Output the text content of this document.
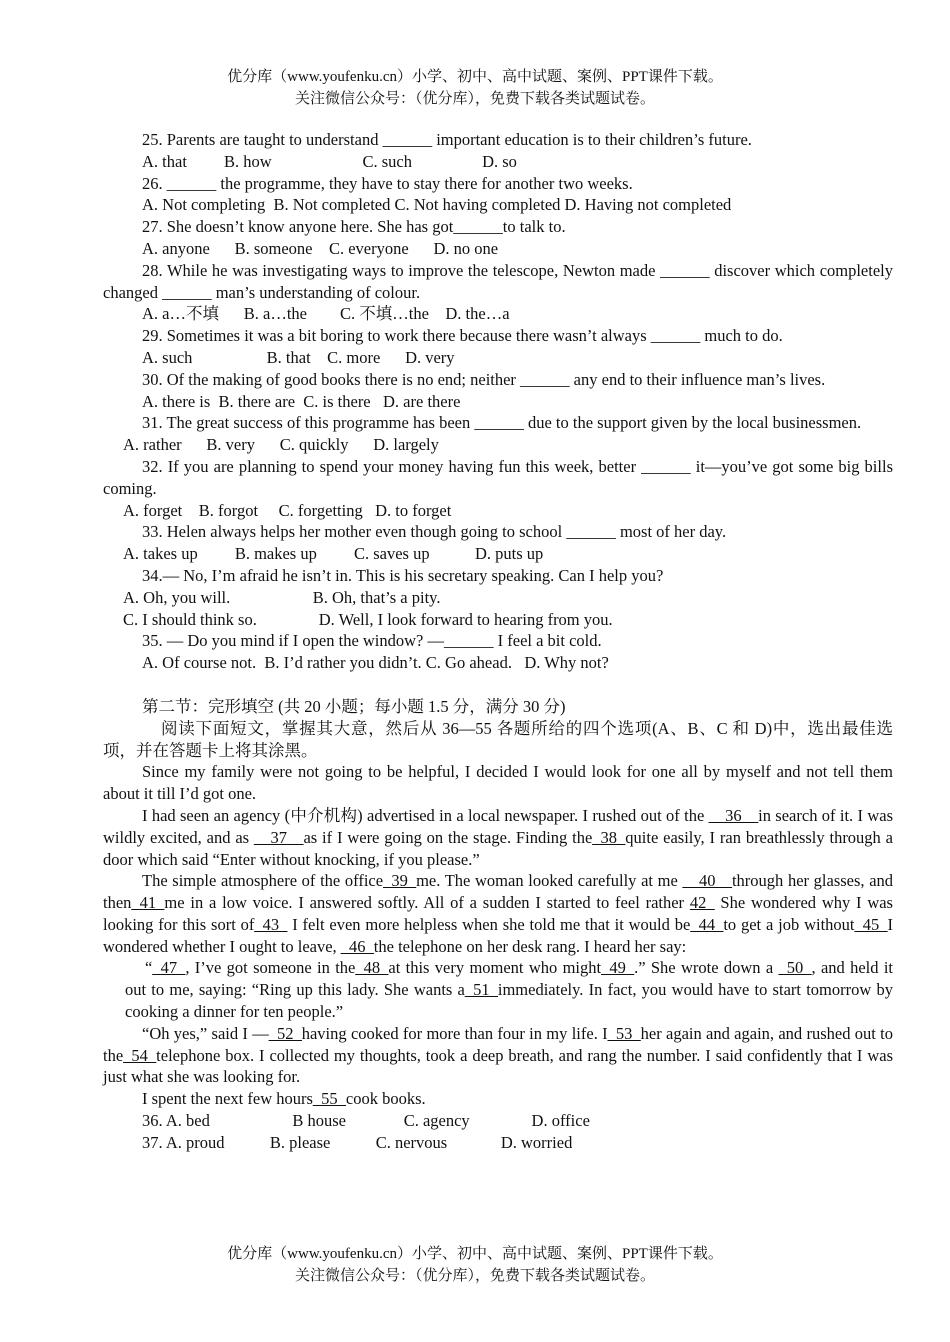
优分库（www.youfenku.cn）小学、初中、高中试题、案例、PPT课件下载。
关注微信公众号：（优分库），免费下载各类试题试卷。

25. Parents are taught to understand ______ important education is to their children’s future.

A. that         B. how                      C. such                 D. so

26. ______ the programme, they have to stay there for another two weeks.

A. Not completing  B. Not completed C. Not having completed D. Having not completed

27. She doesn’t know anyone here. She has got______to talk to.

A. anyone      B. someone    C. everyone      D. no one

28. While he was investigating ways to improve the telescope, Newton made ______ discover which completely changed ______ man’s understanding of colour.

A. a…不填      B. a…the        C. 不填…the    D. the…a

29. Sometimes it was a bit boring to work there because there wasn’t always ______ much to do.

A. such                  B. that    C. more      D. very

30. Of the making of good books there is no end; neither ______ any end to their influence man’s lives.

A. there is  B. there are  C. is there   D. are there

31. The great success of this programme has been ______ due to the support given by the local businessmen.

A. rather      B. very      C. quickly      D. largely

32. If you are planning to spend your money having fun this week, better ______ it—you’ve got some big bills coming.

A. forget    B. forgot     C. forgetting   D. to forget

33. Helen always helps her mother even though going to school ______ most of her day.

A. takes up         B. makes up         C. saves up           D. puts up

34.— No, I’m afraid he isn’t in. This is his secretary speaking. Can I help you?

A. Oh, you will.                    B. Oh, that’s a pity.

C. I should think so.               D. Well, I look forward to hearing from you.

35. — Do you mind if I open the window? —______ I feel a bit cold.

A. Of course not.  B. I’d rather you didn’t. C. Go ahead.   D. Why not?

第二节：完形填空 (共 20 小题；每小题 1.5 分，满分 30 分)

阅读下面短文，掌握其大意，然后从 36—55 各题所给的四个选项(A、B、C 和 D)中，选出最佳选项，并在答题卡上将其涂黑。

Since my family were not going to be helpful, I decided I would look for one all by myself and not tell them about it till I’d got one.

I had seen an agency (中介机构) advertised in a local newspaper. I rushed out of the __36__in search of it. I was wildly excited, and as __37__as if I were going on the stage. Finding the_38_quite easily, I ran breathlessly through a door which said “Enter without knocking, if you please.”

The simple atmosphere of the office_39_me. The woman looked carefully at me __40__through her glasses, and then_41_me in a low voice. I answered softly. All of a sudden I started to feel rather 42_ She wondered why I was looking for this sort of_43_ I felt even more helpless when she told me that it would be_44_to get a job without_45_I wondered whether I ought to leave, _46_the telephone on her desk rang. I heard her say:

“_47_, I’ve got someone in the_48_at this very moment who might_49_.” She wrote down a _50_, and held it out to me, saying: “Ring up this lady. She wants a_51_immediately. In fact, you would have to start tomorrow by cooking a dinner for ten people.”

“Oh yes,” said I —_52_having cooked for more than four in my life. I_53_her again and again, and rushed out to the_54_telephone box. I collected my thoughts, took a deep breath, and rang the number. I said confidently that I was just what she was looking for.

I spent the next few hours_55_cook books.

36. A. bed                    B house              C. agency               D. office

37. A. proud           B. please           C. nervous             D. worried

优分库（www.youfenku.cn）小学、初中、高中试题、案例、PPT课件下载。
关注微信公众号：（优分库），免费下载各类试题试卷。
